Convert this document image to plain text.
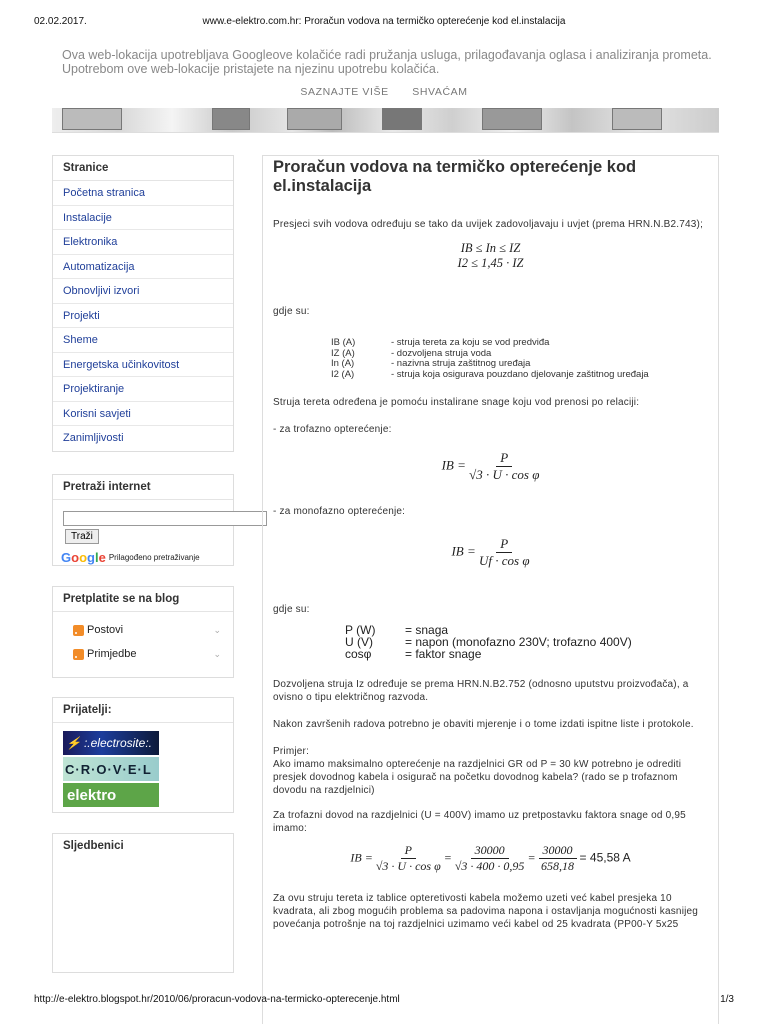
02.02.2017.	www.e-elektro.com.hr: Proračun vodova na termičko opterećenje kod el.instalacija
Ova web-lokacija upotrebljava Googleove kolačiće radi pružanja usluga, prilagođavanja oglasa i analiziranja prometa. Upotrebom ove web-lokacije pristajete na njezinu upotrebu kolačića.
SAZNAJTE VIŠE SHVAĆAM
Stranice
Početna stranica
Instalacije
Elektronika
Automatizacija
Obnovljivi izvori
Projekti
Sheme
Energetska učinkovitost
Projektiranje
Korisni savjeti
Zanimljivosti
Pretraži internet
Traži
Google Prilagođeno pretraživanje
Pretplatite se na blog
Postovi	⌄
Primjedbe	⌄
Prijatelji:
⚡ :.electrosite:.
C·R·O·V·E·L
elektro
Sljedbenici
Proračun vodova na termičko opterećenje kod el.instalacija

Presjeci svih vodova određuju se tako da uvijek zadovoljavaju i uvjet (prema HRN.N.B2.743);

IB ≤ In ≤ IZ
I2 ≤ 1,45 · IZ

gdje su:

IB (A)	- struja tereta za koju se vod predviđa
IZ (A)	- dozvoljena struja voda
In (A)	- nazivna struja zaštitnog uređaja
I2 (A)	- struja koja osigurava pouzdano djelovanje zaštitnog uređaja

Struja tereta određena je pomoću instalirane snage koju vod prenosi po relaciji:

- za trofazno opterećenje:

IB = $\frac{P}{\text{√3 · U · cos φ}}$

- za monofazno opterećenje:

IB = $\frac{P}{\text{Uf · cos φ}}$

gdje su:

P (W)	= snaga
U (V)	= napon (monofazno 230V; trofazno 400V)
cosφ	= faktor snage

Dozvoljena struja Iz određuje se prema HRN.N.B2.752 (odnosno uputstvu proizvođača), a ovisno o tipu električnog razvoda.

Nakon završenih radova potrebno je obaviti mjerenje i o tome izdati ispitne liste i protokole.

Primjer:

Ako imamo maksimalno opterećenje na razdjelnici GR od P = 30 kW potrebno je odrediti presjek dovodnog kabela i osigurač na početku dovodnog kabela? (rado se p trofaznom dovodu na razdjelnici)

Za trofazni dovod na razdjelnici (U = 400V) imamo uz pretpostavku faktora snage od 0,95 imamo:

IB = $\frac{P}{\text{√3 · U · cos φ}} = \frac{30000}{√3 \cdot 400 \cdot 0,95} = \frac{30000}{658,18} = 45,58$ A

Za ovu struju tereta iz tablice opteretivosti kabela možemo uzeti već kabel presjeka 10 kvadrata, ali zbog mogućih problema sa padovima napona i ostavljanja mogućnosti kasnijeg povećanja potrošnje na toj razdjelnici uzimamo veći kabel od 25 kvadrata (PP00-Y 5x25

http://e-elektro.blogspot.hr/2010/06/proracun-vodova-na-termicko-opterecenje.html	1/3
